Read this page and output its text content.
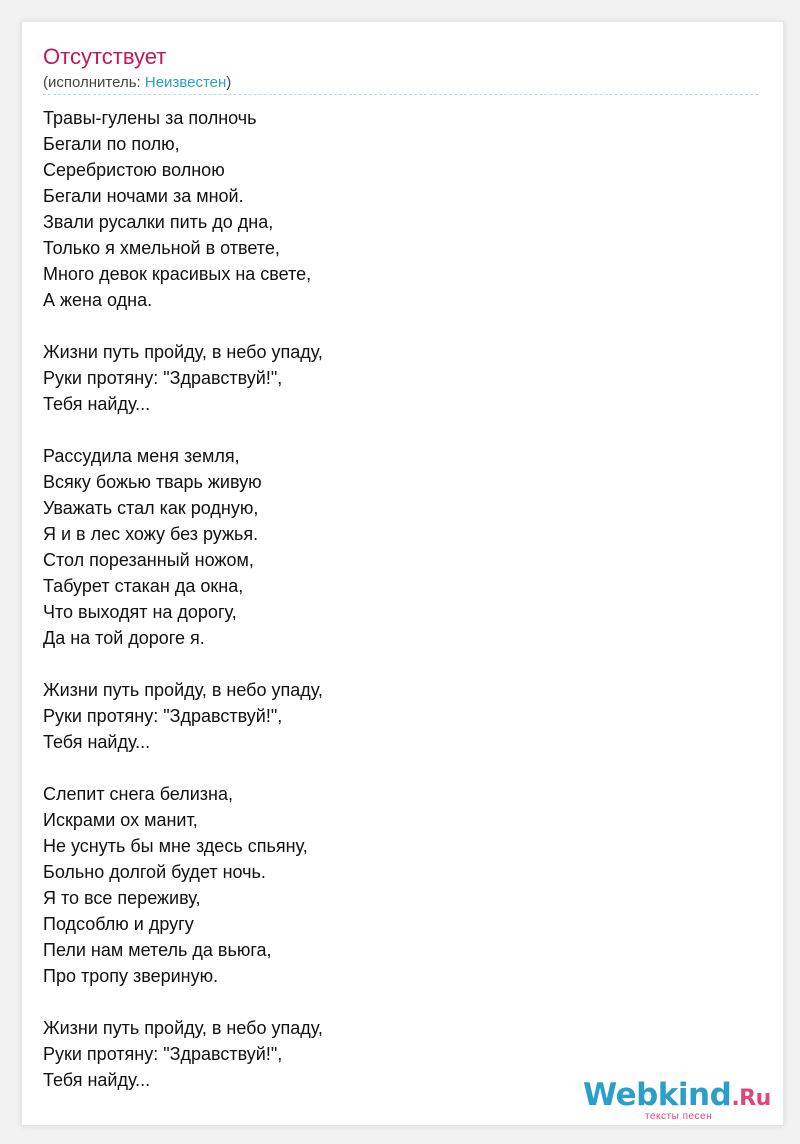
Отсутствует
(исполнитель: Неизвестен)
Травы-гулены за полночь
Бегали по полю,
Серебристою волною
Бегали ночами за мной.
Звали русалки пить до дна,
Только я хмельной в ответе,
Много девок красивых на свете,
А жена одна.
Жизни путь пройду, в небо упаду,
Руки протяну: "Здравствуй!",
Тебя найду...
Рассудила меня земля,
Всяку божью тварь живую
Уважать стал как родную,
Я и в лес хожу без ружья.
Стол порезанный ножом,
Табурет стакан да окна,
Что выходят на дорогу,
Да на той дороге я.
Жизни путь пройду, в небо упаду,
Руки протяну: "Здравствуй!",
Тебя найду...
Слепит снега белизна,
Искрами ох манит,
Не уснуть бы мне здесь спьяну,
Больно долгой будет ночь.
Я то все переживу,
Подсоблю и другу
Пели нам метель да вьюга,
Про тропу звериную.
Жизни путь пройду, в небо упаду,
Руки протяну: "Здравствуй!",
Тебя найду...	Webkind.Ru
тексты песен
